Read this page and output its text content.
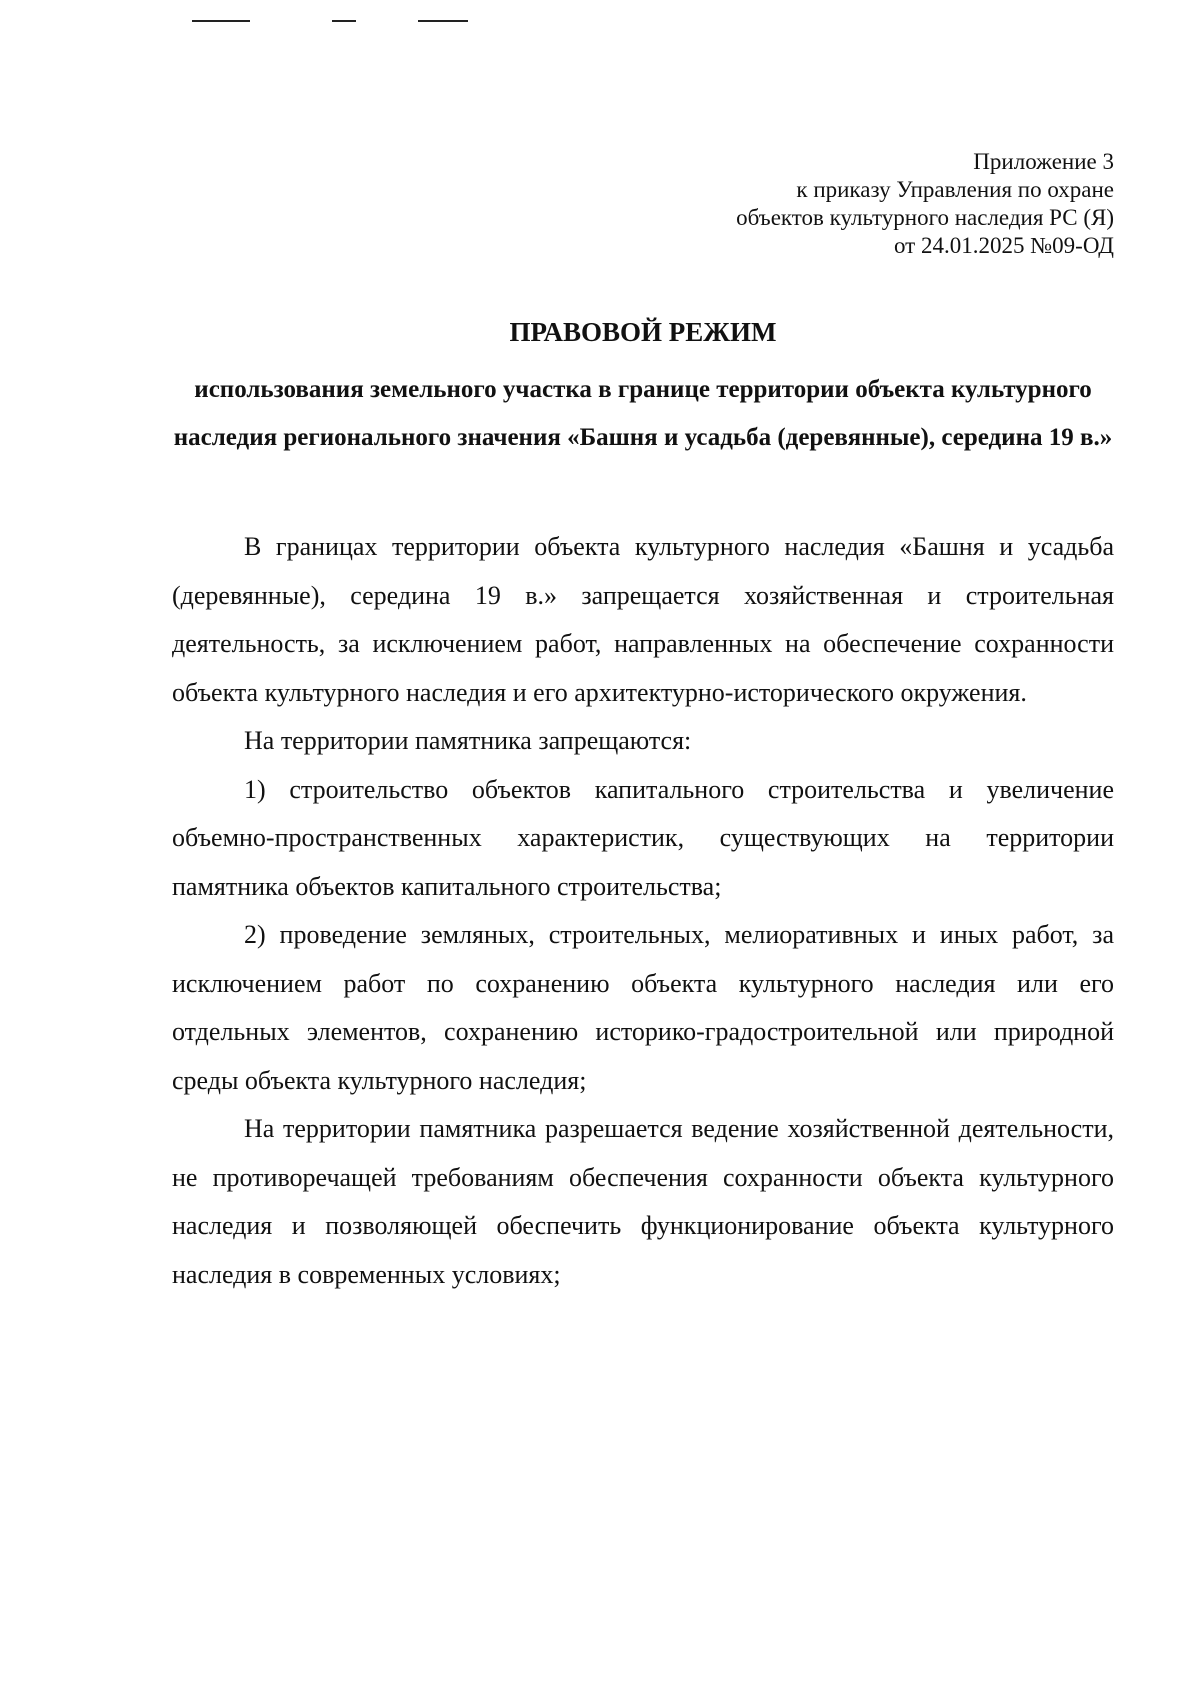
Приложение 3
к приказу Управления по охране
объектов культурного наследия РС (Я)
от 24.01.2025 №09-ОД
ПРАВОВОЙ РЕЖИМ
использования земельного участка в границе территории объекта культурного наследия регионального значения «Башня и усадьба (деревянные), середина 19 в.»

В границах территории объекта культурного наследия «Башня и усадьба (деревянные), середина 19 в.» запрещается хозяйственная и строительная деятельность, за исключением работ, направленных на обеспечение сохранности объекта культурного наследия и его архитектурно-исторического окружения.

На территории памятника запрещаются:

1) строительство объектов капитального строительства и увеличение объемно-пространственных характеристик, существующих на территории памятника объектов капитального строительства;

2) проведение земляных, строительных, мелиоративных и иных работ, за исключением работ по сохранению объекта культурного наследия или его отдельных элементов, сохранению историко-градостроительной или природной среды объекта культурного наследия;

На территории памятника разрешается ведение хозяйственной деятельности, не противоречащей требованиям обеспечения сохранности объекта культурного наследия и позволяющей обеспечить функционирование объекта культурного наследия в современных условиях;
